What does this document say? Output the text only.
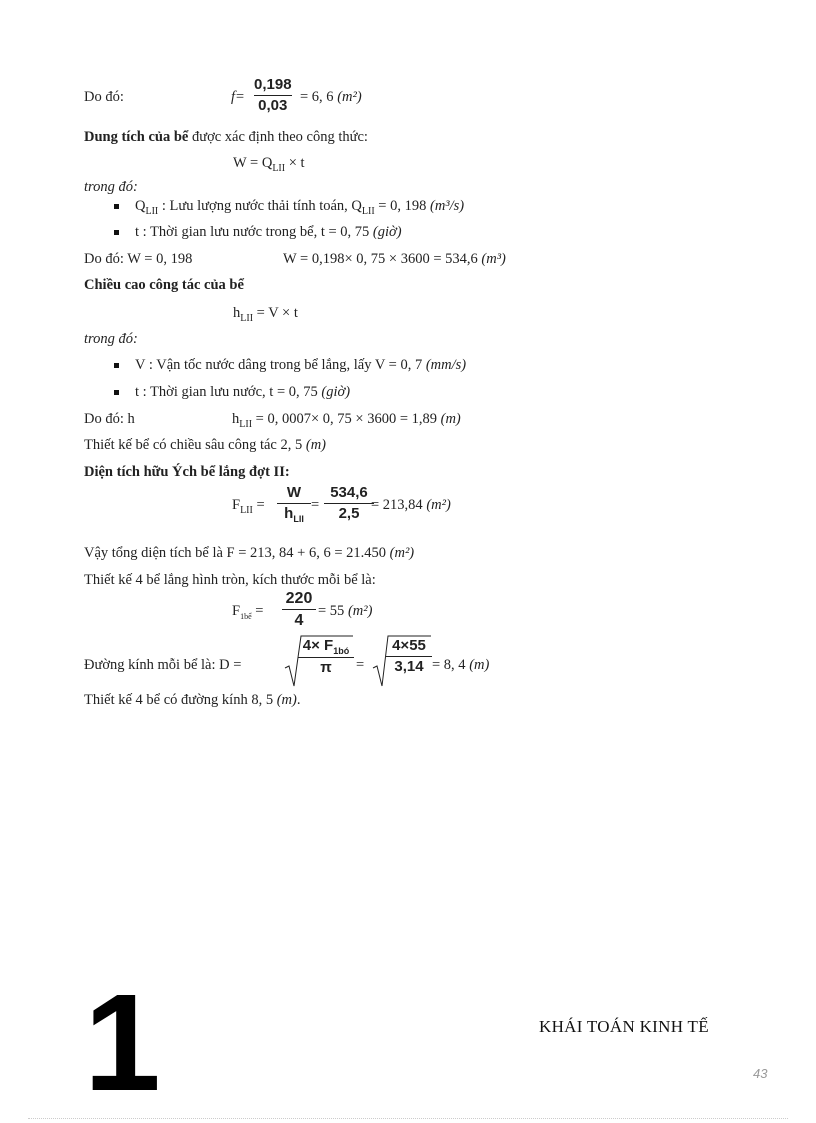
Do đó:	f=
0,198
0,03 = 6, 6 (m²)
Dung tích của bể được xác định theo công thức:
$W = Q_{LII} \times t$
trong đó:
$Q_{LII}$ : Lưu lượng nước thải tính toán, $Q_{LII} = 0$, 198 (m³/s)
t : Thời gian lưu nước trong bể, t = 0, 75 (giờ)
Do đó: W = 0, 198	W = 0,198× 0, 75 × 3600 = 534,6 (m³)
Chiều cao công tác của bể
$h_{LII} = V \times t$
trong đó:
V : Vận tốc nước dâng trong bể lắng, lấy V = 0, 7 (mm/s)
t : Thời gian lưu nước, t = 0, 75 (giờ)
Do đó: h	$h_{LII} = 0$, 0007× 0, 75 × 3600 = 1,89 (m)
Thiết kế bể có chiều sâu công tác 2, 5 (m)
Diện tích hữu Ých bể lắng đợt II:
$F_{LII}$ =
W
$h_{LII}$
=
534,6
2,5 = 213,84 (m²)
Vậy tổng diện tích bể là F = 213, 84 + 6, 6 = 21.450 (m²)
Thiết kế 4 bể lắng hình tròn, kích thước mỗi bể là:
$F_{1bể}$ =
220
4
= 55 (m²)
Đường kính mỗi bể là: D =
$4\times F_{1bó}$
π =
4×55
3,14 = 8, 4 (m)
Thiết kế 4 bể có đường kính 8, 5 (m).
1	KHÁI TOÁN KINH TẾ
43
